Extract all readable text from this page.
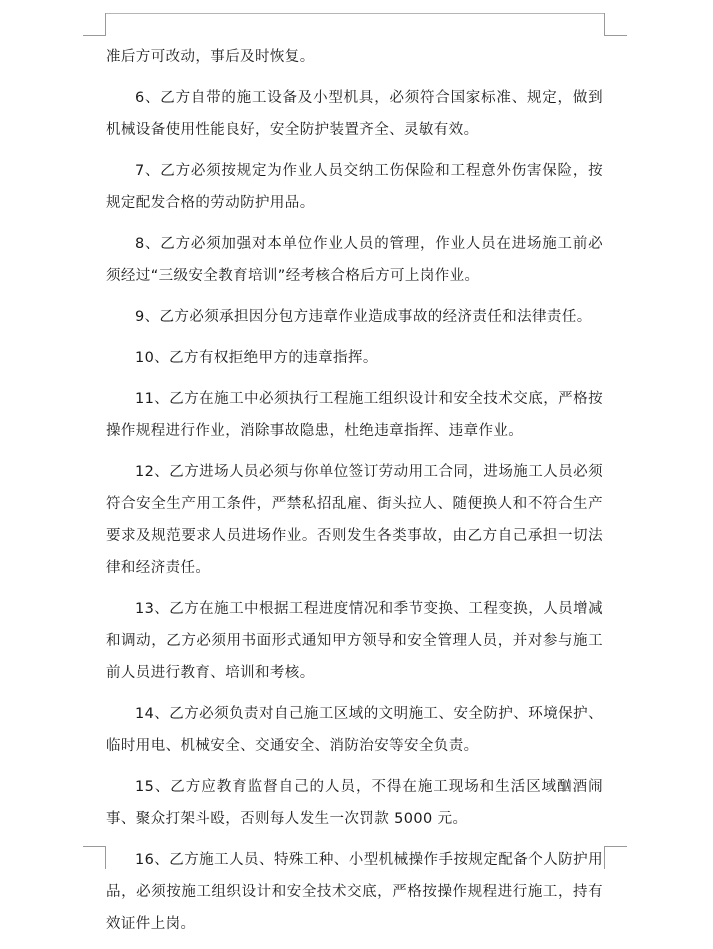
准后方可改动，事后及时恢复。

6、乙方自带的施工设备及小型机具，必须符合国家标准、规定，做到机械设备使用性能良好，安全防护装置齐全、灵敏有效。

7、乙方必须按规定为作业人员交纳工伤保险和工程意外伤害保险，按规定配发合格的劳动防护用品。

8、乙方必须加强对本单位作业人员的管理，作业人员在进场施工前必须经过“三级安全教育培训”经考核合格后方可上岗作业。

9、乙方必须承担因分包方违章作业造成事故的经济责任和法律责任。

10、乙方有权拒绝甲方的违章指挥。

11、乙方在施工中必须执行工程施工组织设计和安全技术交底，严格按操作规程进行作业，消除事故隐患，杜绝违章指挥、违章作业。

12、乙方进场人员必须与你单位签订劳动用工合同，进场施工人员必须符合安全生产用工条件，严禁私招乱雇、街头拉人、随便换人和不符合生产要求及规范要求人员进场作业。否则发生各类事故，由乙方自己承担一切法律和经济责任。

13、乙方在施工中根据工程进度情况和季节变换、工程变换，人员增减和调动，乙方必须用书面形式通知甲方领导和安全管理人员，并对参与施工前人员进行教育、培训和考核。

14、乙方必须负责对自己施工区域的文明施工、安全防护、环境保护、临时用电、机械安全、交通安全、消防治安等安全负责。

15、乙方应教育监督自己的人员，不得在施工现场和生活区域酗酒闹事、聚众打架斗殴，否则每人发生一次罚款 5000 元。

16、乙方施工人员、特殊工种、小型机械操作手按规定配备个人防护用品，必须按施工组织设计和安全技术交底，严格按操作规程进行施工，持有效证件上岗。
